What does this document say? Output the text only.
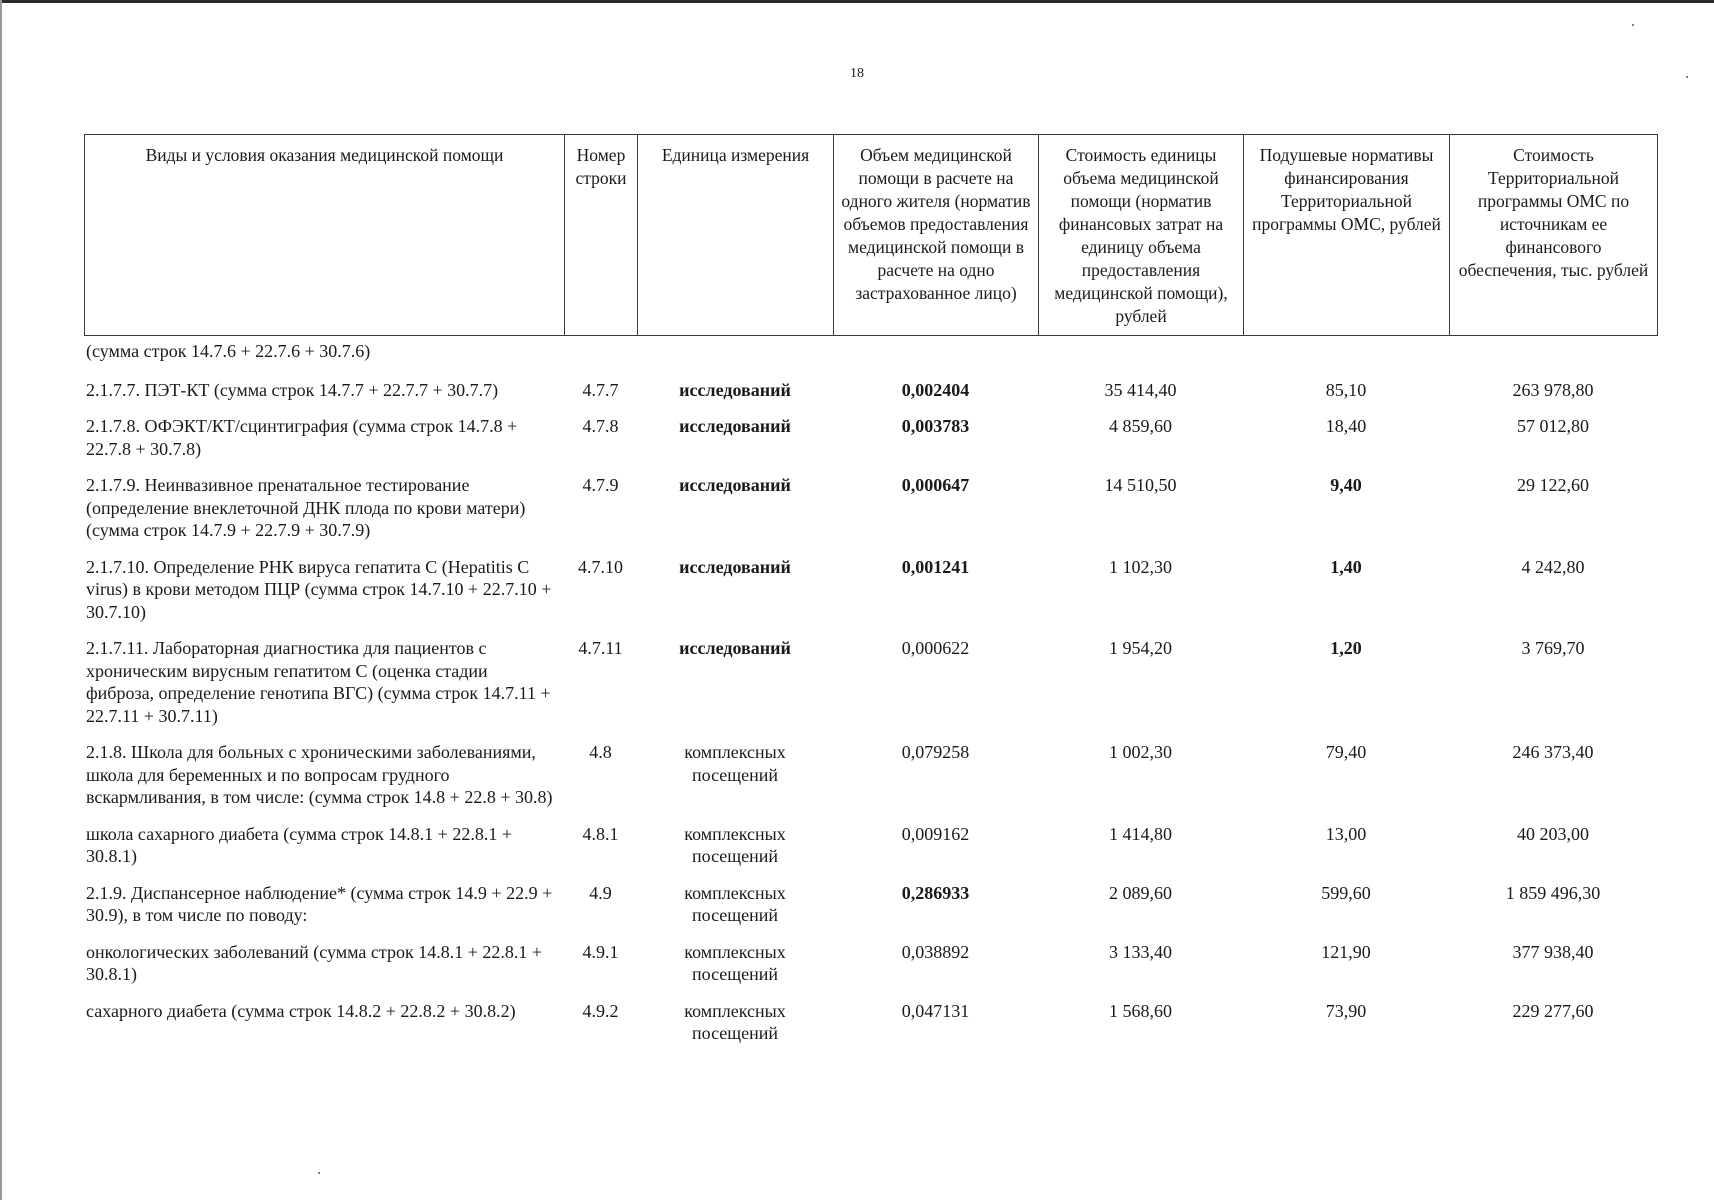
18
Виды и условия оказания медицинской помощи	Номер строки	Единица измерения	Объем медицинской помощи в расчете на одного жителя (норматив объемов предоставления медицинской помощи в расчете на одно застрахованное лицо)	Стоимость единицы объема медицинской помощи (норматив финансовых затрат на единицу объема предоставления медицинской помощи), рублей	Подушевые нормативы финансирования Территориальной программы ОМС, рублей	Стоимость Территориальной программы ОМС по источникам ее финансового обеспечения, тыс. рублей
(сумма строк 14.7.6 + 22.7.6 + 30.7.6)						
2.1.7.7. ПЭТ-КТ (сумма строк 14.7.7 + 22.7.7 + 30.7.7)	4.7.7	исследований	0,002404	35 414,40	85,10	263 978,80
2.1.7.8. ОФЭКТ/КТ/сцинтиграфия (сумма строк 14.7.8 + 22.7.8 + 30.7.8)	4.7.8	исследований	0,003783	4 859,60	18,40	57 012,80
2.1.7.9. Неинвазивное пренатальное тестирование (определение внеклеточной ДНК плода по крови матери) (сумма строк 14.7.9 + 22.7.9 + 30.7.9)	4.7.9	исследований	0,000647	14 510,50	9,40	29 122,60
2.1.7.10. Определение РНК вируса гепатита С (Hepatitis C virus) в крови методом ПЦР (сумма строк 14.7.10 + 22.7.10 + 30.7.10)	4.7.10	исследований	0,001241	1 102,30	1,40	4 242,80
2.1.7.11. Лабораторная диагностика для пациентов с хроническим вирусным гепатитом С (оценка стадии фиброза, определение генотипа ВГС) (сумма строк 14.7.11 + 22.7.11 + 30.7.11)	4.7.11	исследований	0,000622	1 954,20	1,20	3 769,70
2.1.8. Школа для больных с хроническими заболеваниями, школа для беременных и по вопросам грудного вскармливания, в том числе: (сумма строк 14.8 + 22.8 + 30.8)	4.8	комплексных посещений	0,079258	1 002,30	79,40	246 373,40
школа сахарного диабета (сумма строк 14.8.1 + 22.8.1 + 30.8.1)	4.8.1	комплексных посещений	0,009162	1 414,80	13,00	40 203,00
2.1.9. Диспансерное наблюдение* (сумма строк 14.9 + 22.9 + 30.9), в том числе по поводу:	4.9	комплексных посещений	0,286933	2 089,60	599,60	1 859 496,30
онкологических заболеваний (сумма строк 14.8.1 + 22.8.1 + 30.8.1)	4.9.1	комплексных посещений	0,038892	3 133,40	121,90	377 938,40
сахарного диабета (сумма строк 14.8.2 + 22.8.2 + 30.8.2)	4.9.2	комплексных посещений	0,047131	1 568,60	73,90	229 277,60
